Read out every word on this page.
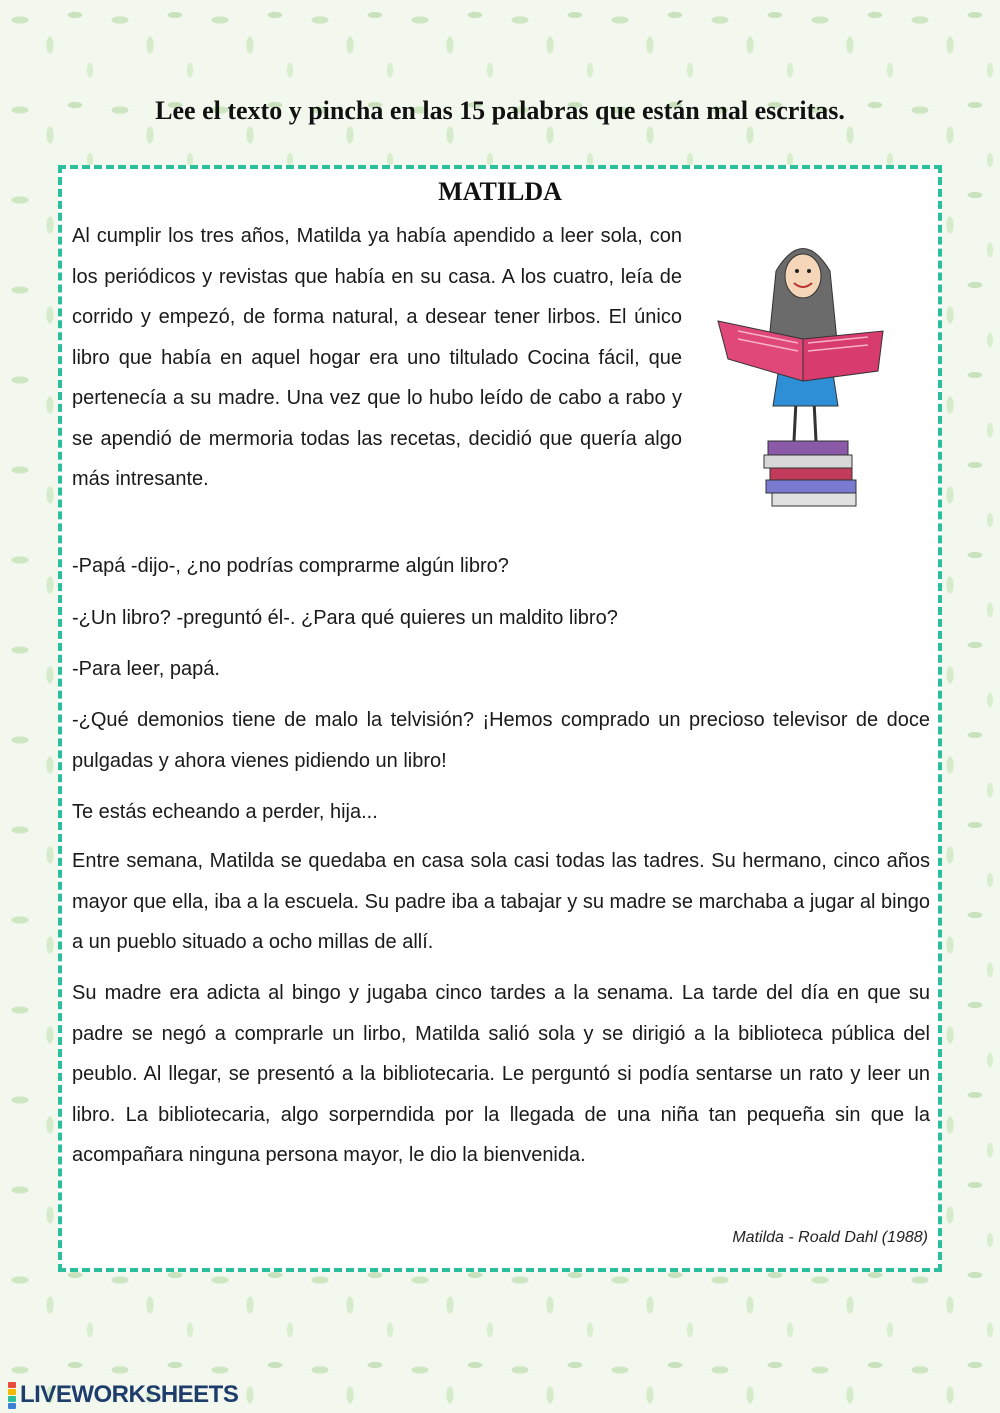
Lee el texto y pincha en las 15 palabras que están mal escritas.
MATILDA

Al cumplir los tres años, Matilda ya había apendido a leer sola, con los periódicos y revistas que había en su casa. A los cuatro, leía de corrido y empezó, de forma natural, a desear tener lirbos. El único libro que había en aquel hogar era uno tiltulado Cocina fácil, que pertenecía a su madre. Una vez que lo hubo leído de cabo a rabo y se apendió de mermoria todas las recetas, decidió que quería algo más intresante.

-Papá -dijo-, ¿no podrías comprarme algún libro?

-¿Un libro? -preguntó él-. ¿Para qué quieres un maldito libro?

-Para leer, papá.

-¿Qué demonios tiene de malo la telvisión? ¡Hemos comprado un precioso televisor de doce pulgadas y ahora vienes pidiendo un libro!

Te estás echeando a perder, hija...

Entre semana, Matilda se quedaba en casa sola casi todas las tadres. Su hermano, cinco años mayor que ella, iba a la escuela. Su padre iba a tabajar y su madre se marchaba a jugar al bingo a un pueblo situado a ocho millas de allí.

Su madre era adicta al bingo y jugaba cinco tardes a la senama. La tarde del día en que su padre se negó a comprarle un lirbo, Matilda salió sola y se dirigió a la biblioteca pública del peublo. Al llegar, se presentó a la bibliotecaria. Le perguntó si podía sentarse un rato y leer un libro. La bibliotecaria, algo sorperndida por la llegada de una niña tan pequeña sin que la acompañara ninguna persona mayor, le dio la bienvenida.

Matilda - Roald Dahl (1988)

LIVEWORKSHEETS
